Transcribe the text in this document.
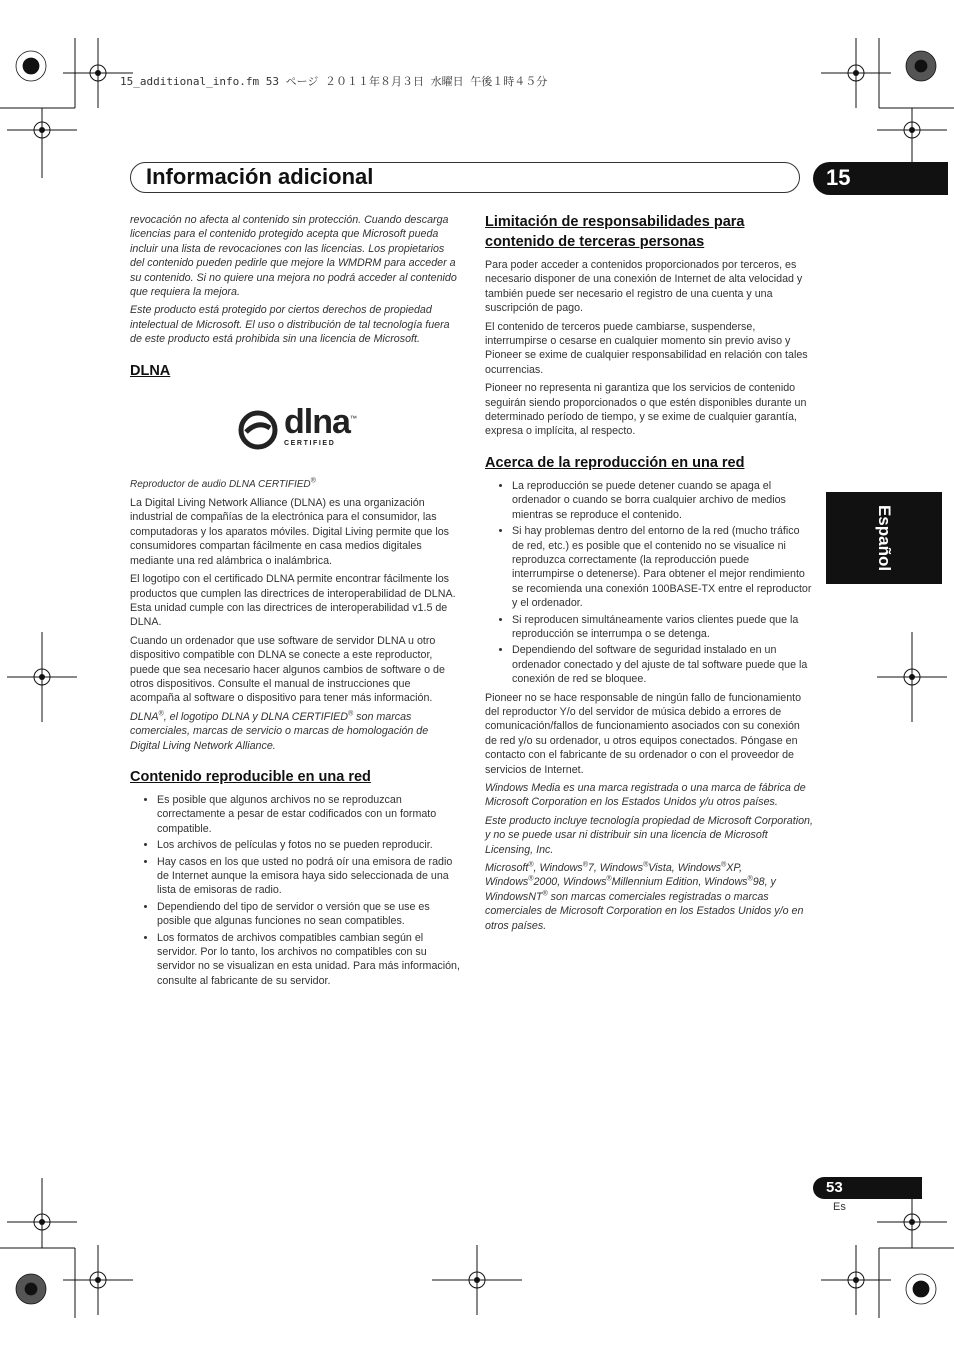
15_additional_info.fm 53 ページ ２０１１年８月３日 水曜日 午後１時４５分
Información adicional	15
Español

revocación no afecta al contenido sin protección. Cuando descarga licencias para el contenido protegido acepta que Microsoft pueda incluir una lista de revocaciones con las licencias. Los propietarios del contenido pueden pedirle que mejore la WMDRM para acceder a su contenido. Si no quiere una mejora no podrá acceder al contenido que requiera la mejora.

Este producto está protegido por ciertos derechos de propiedad intelectual de Microsoft. El uso o distribución de tal tecnología fuera de este producto está prohibida sin una licencia de Microsoft.

DLNA
dlna™
CERTIFIED

Reproductor de audio DLNA CERTIFIED®

La Digital Living Network Alliance (DLNA) es una organización industrial de compañías de la electrónica para el consumidor, las computadoras y los aparatos móviles. Digital Living permite que los consumidores compartan fácilmente en casa medios digitales mediante una red alámbrica o inalámbrica.

El logotipo con el certificado DLNA permite encontrar fácilmente los productos que cumplen las directrices de interoperabilidad de DLNA. Esta unidad cumple con las directrices de interoperabilidad v1.5 de DLNA.

Cuando un ordenador que use software de servidor DLNA u otro dispositivo compatible con DLNA se conecte a este reproductor, puede que sea necesario hacer algunos cambios de software o de otros dispositivos. Consulte el manual de instrucciones que acompaña al software o dispositivo para tener más información.

DLNA®, el logotipo DLNA y DLNA CERTIFIED® son marcas comerciales, marcas de servicio o marcas de homologación de Digital Living Network Alliance.

Contenido reproducible en una red
• Es posible que algunos archivos no se reproduzcan correctamente a pesar de estar codificados con un formato compatible.
• Los archivos de películas y fotos no se pueden reproducir.
• Hay casos en los que usted no podrá oír una emisora de radio de Internet aunque la emisora haya sido seleccionada de una lista de emisoras de radio.
• Dependiendo del tipo de servidor o versión que se use es posible que algunas funciones no sean compatibles.
• Los formatos de archivos compatibles cambian según el servidor. Por lo tanto, los archivos no compatibles con su servidor no se visualizan en esta unidad. Para más información, consulte al fabricante de su servidor.
Limitación de responsabilidades para contenido de terceras personas

Para poder acceder a contenidos proporcionados por terceros, es necesario disponer de una conexión de Internet de alta velocidad y también puede ser necesario el registro de una cuenta y una suscripción de pago.

El contenido de terceros puede cambiarse, suspenderse, interrumpirse o cesarse en cualquier momento sin previo aviso y Pioneer se exime de cualquier responsabilidad en relación con tales ocurrencias.

Pioneer no representa ni garantiza que los servicios de contenido seguirán siendo proporcionados o que estén disponibles durante un determinado período de tiempo, y se exime de cualquier garantía, expresa o implícita, al respecto.

Acerca de la reproducción en una red
• La reproducción se puede detener cuando se apaga el ordenador o cuando se borra cualquier archivo de medios mientras se reproduce el contenido.
• Si hay problemas dentro del entorno de la red (mucho tráfico de red, etc.) es posible que el contenido no se visualice ni reproduzca correctamente (la reproducción puede interrumpirse o detenerse). Para obtener el mejor rendimiento se recomienda una conexión 100BASE-TX entre el reproductor y el ordenador.
• Si reproducen simultáneamente varios clientes puede que la reproducción se interrumpa o se detenga.
• Dependiendo del software de seguridad instalado en un ordenador conectado y del ajuste de tal software puede que la conexión de red se bloquee.

Pioneer no se hace responsable de ningún fallo de funcionamiento del reproductor Y/o del servidor de música debido a errores de comunicación/fallos de funcionamiento asociados con su conexión de red y/o su ordenador, u otros equipos conectados. Póngase en contacto con el fabricante de su ordenador o con el proveedor de servicios de Internet.

Windows Media es una marca registrada o una marca de fábrica de Microsoft Corporation en los Estados Unidos y/u otros países.

Este producto incluye tecnología propiedad de Microsoft Corporation, y no se puede usar ni distribuir sin una licencia de Microsoft Licensing, Inc.

Microsoft®, Windows®7, Windows®Vista, Windows®XP, Windows®2000, Windows®Millennium Edition, Windows®98, y WindowsNT® son marcas comerciales registradas o marcas comerciales de Microsoft Corporation en los Estados Unidos y/o en otros países.

53
Es
